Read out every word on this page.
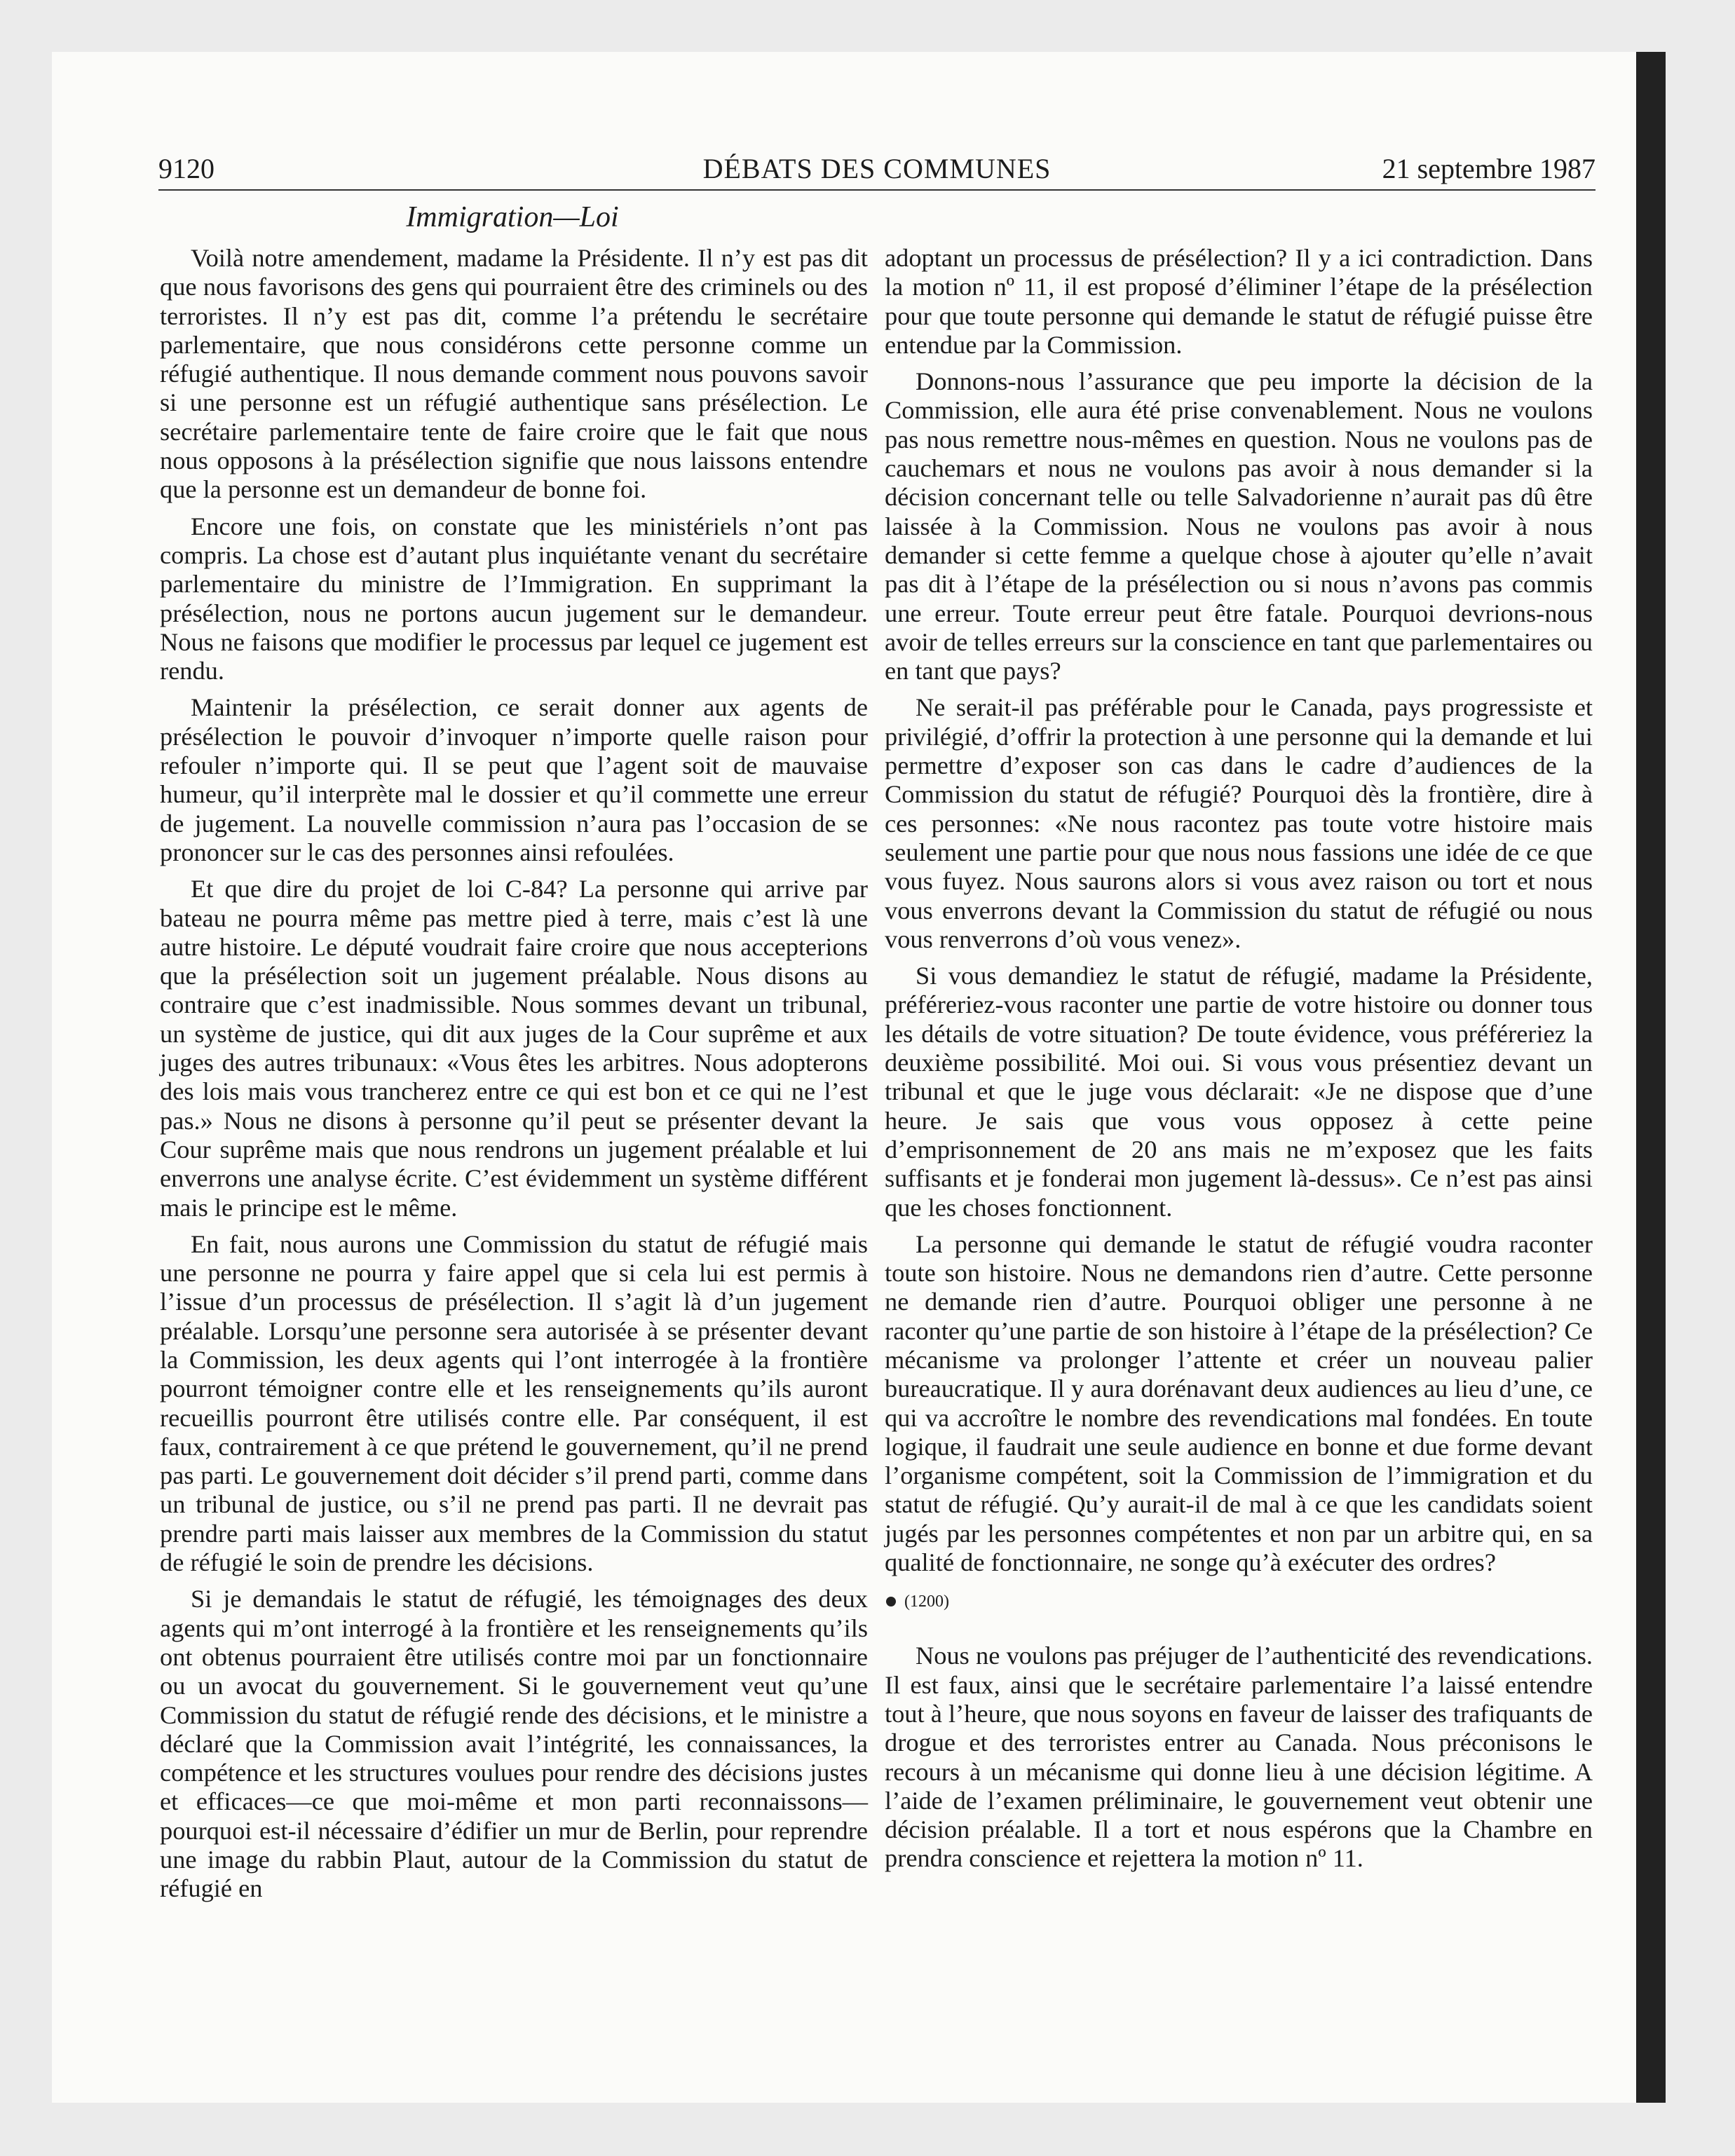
9120	DÉBATS DES COMMUNES	21 septembre 1987
Immigration—Loi

Voilà notre amendement, madame la Présidente. Il n’y est pas dit que nous favorisons des gens qui pourraient être des criminels ou des terroristes. Il n’y est pas dit, comme l’a prétendu le secrétaire parlementaire, que nous considérons cette personne comme un réfugié authentique. Il nous demande comment nous pouvons savoir si une personne est un réfugié authentique sans présélection. Le secrétaire parlementaire tente de faire croire que le fait que nous nous opposons à la présélection signifie que nous laissons entendre que la personne est un demandeur de bonne foi.

Encore une fois, on constate que les ministériels n’ont pas compris. La chose est d’autant plus inquiétante venant du secrétaire parlementaire du ministre de l’Immigration. En supprimant la présélection, nous ne portons aucun jugement sur le demandeur. Nous ne faisons que modifier le processus par lequel ce jugement est rendu.

Maintenir la présélection, ce serait donner aux agents de présélection le pouvoir d’invoquer n’importe quelle raison pour refouler n’importe qui. Il se peut que l’agent soit de mauvaise humeur, qu’il interprète mal le dossier et qu’il commette une erreur de jugement. La nouvelle commission n’aura pas l’occasion de se prononcer sur le cas des personnes ainsi refoulées.

Et que dire du projet de loi C-84? La personne qui arrive par bateau ne pourra même pas mettre pied à terre, mais c’est là une autre histoire. Le député voudrait faire croire que nous accepterions que la présélection soit un jugement préalable. Nous disons au contraire que c’est inadmissible. Nous sommes devant un tribunal, un système de justice, qui dit aux juges de la Cour suprême et aux juges des autres tribunaux: «Vous êtes les arbitres. Nous adopterons des lois mais vous trancherez entre ce qui est bon et ce qui ne l’est pas.» Nous ne disons à personne qu’il peut se présenter devant la Cour suprême mais que nous rendrons un jugement préalable et lui enverrons une analyse écrite. C’est évidemment un système différent mais le principe est le même.

En fait, nous aurons une Commission du statut de réfugié mais une personne ne pourra y faire appel que si cela lui est permis à l’issue d’un processus de présélection. Il s’agit là d’un jugement préalable. Lorsqu’une personne sera autorisée à se présenter devant la Commission, les deux agents qui l’ont interrogée à la frontière pourront témoigner contre elle et les renseignements qu’ils auront recueillis pourront être utilisés contre elle. Par conséquent, il est faux, contrairement à ce que prétend le gouvernement, qu’il ne prend pas parti. Le gouvernement doit décider s’il prend parti, comme dans un tribunal de justice, ou s’il ne prend pas parti. Il ne devrait pas prendre parti mais laisser aux membres de la Commission du statut de réfugié le soin de prendre les décisions.

Si je demandais le statut de réfugié, les témoignages des deux agents qui m’ont interrogé à la frontière et les renseignements qu’ils ont obtenus pourraient être utilisés contre moi par un fonctionnaire ou un avocat du gouvernement. Si le gouvernement veut qu’une Commission du statut de réfugié rende des décisions, et le ministre a déclaré que la Commission avait l’intégrité, les connaissances, la compétence et les structures voulues pour rendre des décisions justes et efficaces—ce que moi-même et mon parti reconnaissons—pourquoi est-il nécessaire d’édifier un mur de Berlin, pour reprendre une image du rabbin Plaut, autour de la Commission du statut de réfugié en

adoptant un processus de présélection? Il y a ici contradiction. Dans la motion nº 11, il est proposé d’éliminer l’étape de la présélection pour que toute personne qui demande le statut de réfugié puisse être entendue par la Commission.

Donnons-nous l’assurance que peu importe la décision de la Commission, elle aura été prise convenablement. Nous ne voulons pas nous remettre nous-mêmes en question. Nous ne voulons pas de cauchemars et nous ne voulons pas avoir à nous demander si la décision concernant telle ou telle Salvadorienne n’aurait pas dû être laissée à la Commission. Nous ne voulons pas avoir à nous demander si cette femme a quelque chose à ajouter qu’elle n’avait pas dit à l’étape de la présélection ou si nous n’avons pas commis une erreur. Toute erreur peut être fatale. Pourquoi devrions-nous avoir de telles erreurs sur la conscience en tant que parlementaires ou en tant que pays?

Ne serait-il pas préférable pour le Canada, pays progressiste et privilégié, d’offrir la protection à une personne qui la demande et lui permettre d’exposer son cas dans le cadre d’audiences de la Commission du statut de réfugié? Pourquoi dès la frontière, dire à ces personnes: «Ne nous racontez pas toute votre histoire mais seulement une partie pour que nous nous fassions une idée de ce que vous fuyez. Nous saurons alors si vous avez raison ou tort et nous vous enverrons devant la Commission du statut de réfugié ou nous vous renverrons d’où vous venez».

Si vous demandiez le statut de réfugié, madame la Présidente, préféreriez-vous raconter une partie de votre histoire ou donner tous les détails de votre situation? De toute évidence, vous préféreriez la deuxième possibilité. Moi oui. Si vous vous présentiez devant un tribunal et que le juge vous déclarait: «Je ne dispose que d’une heure. Je sais que vous vous opposez à cette peine d’emprisonnement de 20 ans mais ne m’exposez que les faits suffisants et je fonderai mon jugement là-dessus». Ce n’est pas ainsi que les choses fonctionnent.

La personne qui demande le statut de réfugié voudra raconter toute son histoire. Nous ne demandons rien d’autre. Cette personne ne demande rien d’autre. Pourquoi obliger une personne à ne raconter qu’une partie de son histoire à l’étape de la présélection? Ce mécanisme va prolonger l’attente et créer un nouveau palier bureaucratique. Il y aura dorénavant deux audiences au lieu d’une, ce qui va accroître le nombre des revendications mal fondées. En toute logique, il faudrait une seule audience en bonne et due forme devant l’organisme compétent, soit la Commission de l’immigration et du statut de réfugié. Qu’y aurait-il de mal à ce que les candidats soient jugés par les personnes compétentes et non par un arbitre qui, en sa qualité de fonctionnaire, ne songe qu’à exécuter des ordres?

(1200)

Nous ne voulons pas préjuger de l’authenticité des revendications. Il est faux, ainsi que le secrétaire parlementaire l’a laissé entendre tout à l’heure, que nous soyons en faveur de laisser des trafiquants de drogue et des terroristes entrer au Canada. Nous préconisons le recours à un mécanisme qui donne lieu à une décision légitime. A l’aide de l’examen préliminaire, le gouvernement veut obtenir une décision préalable. Il a tort et nous espérons que la Chambre en prendra conscience et rejettera la motion nº 11.
